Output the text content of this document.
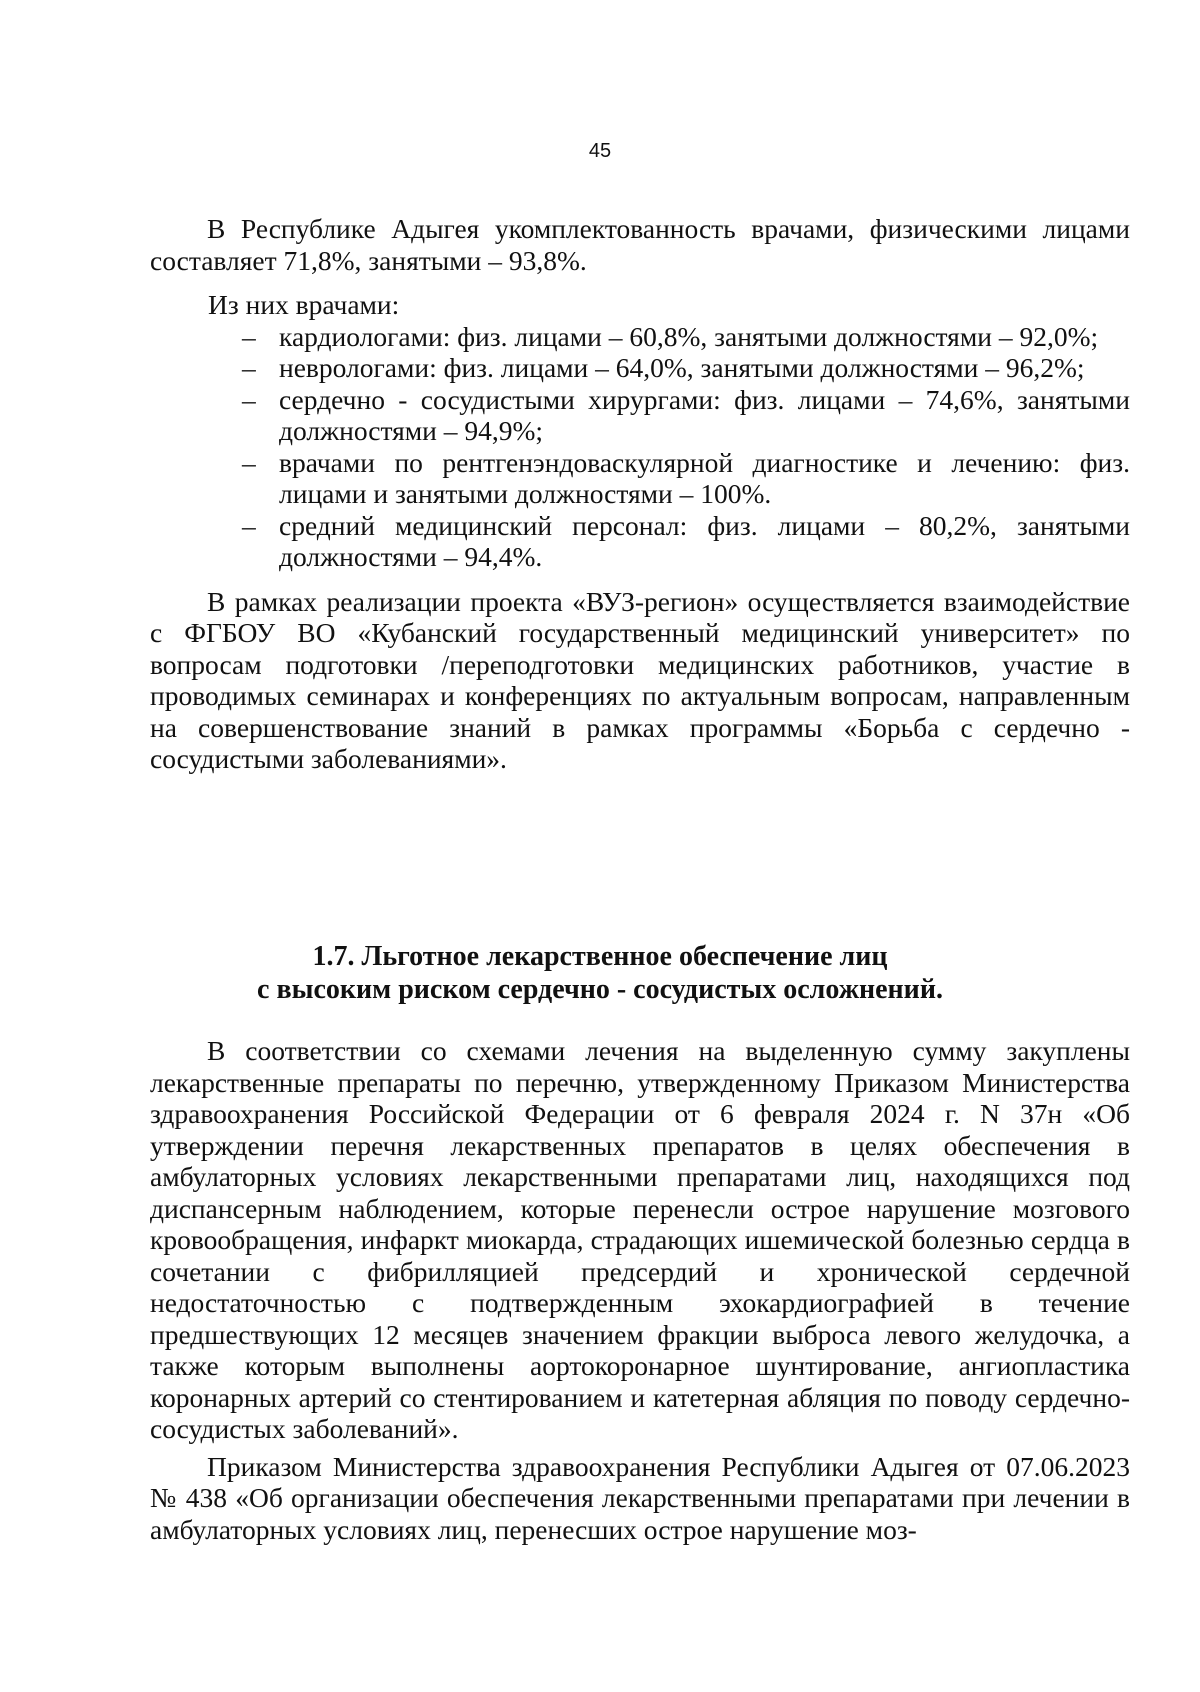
45

В Республике Адыгея укомплектованность врачами, физическими лицами составляет 71,8%, занятыми – 93,8%.

Из них врачами:

– кардиологами: физ. лицами – 60,8%, занятыми должностями – 92,0%;
– неврологами: физ. лицами – 64,0%, занятыми должностями – 96,2%;
– сердечно - сосудистыми хирургами: физ. лицами – 74,6%, занятыми должностями – 94,9%;
– врачами по рентгенэндоваскулярной диагностике и лечению: физ. лицами и занятыми должностями – 100%.
– средний медицинский персонал: физ. лицами – 80,2%, занятыми должностями – 94,4%.

В рамках реализации проекта «ВУЗ-регион» осуществляется взаимодействие с ФГБОУ ВО «Кубанский государственный медицинский университет» по вопросам подготовки /переподготовки медицинских работников, участие в проводимых семинарах и конференциях по актуальным вопросам, направленным на совершенствование знаний в рамках программы «Борьба с сердечно - сосудистыми заболеваниями».

1.7. Льготное лекарственное обеспечение лиц
с высоким риском сердечно - сосудистых осложнений.

В соответствии со схемами лечения на выделенную сумму закуплены лекарственные препараты по перечню, утвержденному Приказом Министерства здравоохранения Российской Федерации от 6 февраля 2024 г. N 37н «Об утверждении перечня лекарственных препаратов в целях обеспечения в амбулаторных условиях лекарственными препаратами лиц, находящихся под диспансерным наблюдением, которые перенесли острое нарушение мозгового кровообращения, инфаркт миокарда, страдающих ишемической болезнью сердца в сочетании с фибрилляцией предсердий и хронической сердечной недостаточностью с подтвержденным эхокардиографией в течение предшествующих 12 месяцев значением фракции выброса левого желудочка, а также которым выполнены аортокоронарное шунтирование, ангиопластика коронарных артерий со стентированием и катетерная абляция по поводу сердечно-сосудистых заболеваний».

Приказом Министерства здравоохранения Республики Адыгея от 07.06.2023 № 438 «Об организации обеспечения лекарственными препаратами при лечении в амбулаторных условиях лиц, перенесших острое нарушение моз-
